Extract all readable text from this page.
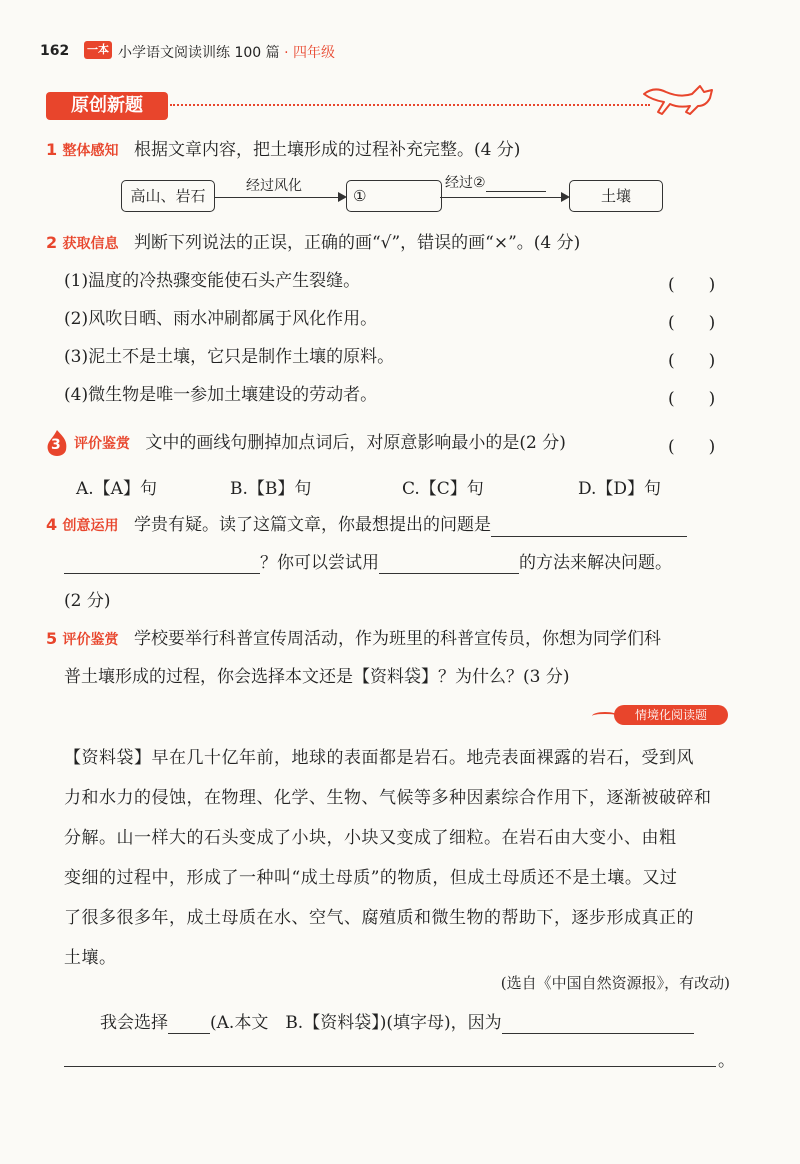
162 一本 小学语文阅读训练 100 篇 · 四年级
原创新题
1 整体感知 根据文章内容，把土壤形成的过程补充完整。(4 分)
高山、岩石
经过风化
①
经过②
土壤
2 获取信息 判断下列说法的正误，正确的画“√”，错误的画“×”。(4 分)
(1)温度的冷热骤变能使石头产生裂缝。	(　　)
(2)风吹日晒、雨水冲刷都属于风化作用。	(　　)
(3)泥土不是土壤，它只是制作土壤的原料。	(　　)
(4)微生物是唯一参加土壤建设的劳动者。	(　　)
3 评价鉴赏 文中的画线句删掉加点词后，对原意影响最小的是(2 分)	(　　)
A.【A】句	B.【B】句	C.【C】句	D.【D】句
4 创意运用 学贵有疑。读了这篇文章，你最想提出的问题是
？你可以尝试用	的方法来解决问题。
(2 分)
5 评价鉴赏 学校要举行科普宣传周活动，作为班里的科普宣传员，你想为同学们科
普土壤形成的过程，你会选择本文还是【资料袋】？为什么？(3 分)
情境化阅读题
【资料袋】早在几十亿年前，地球的表面都是岩石。地壳表面裸露的岩石，受到风
力和水力的侵蚀，在物理、化学、生物、气候等多种因素综合作用下，逐渐被破碎和
分解。山一样大的石头变成了小块，小块又变成了细粒。在岩石由大变小、由粗
变细的过程中，形成了一种叫“成土母质”的物质，但成土母质还不是土壤。又过
了很多很多年，成土母质在水、空气、腐殖质和微生物的帮助下，逐步形成真正的
土壤。
(选自《中国自然资源报》，有改动)
我会选择 (A.本文　B.【资料袋】)(填字母)，因为
。
